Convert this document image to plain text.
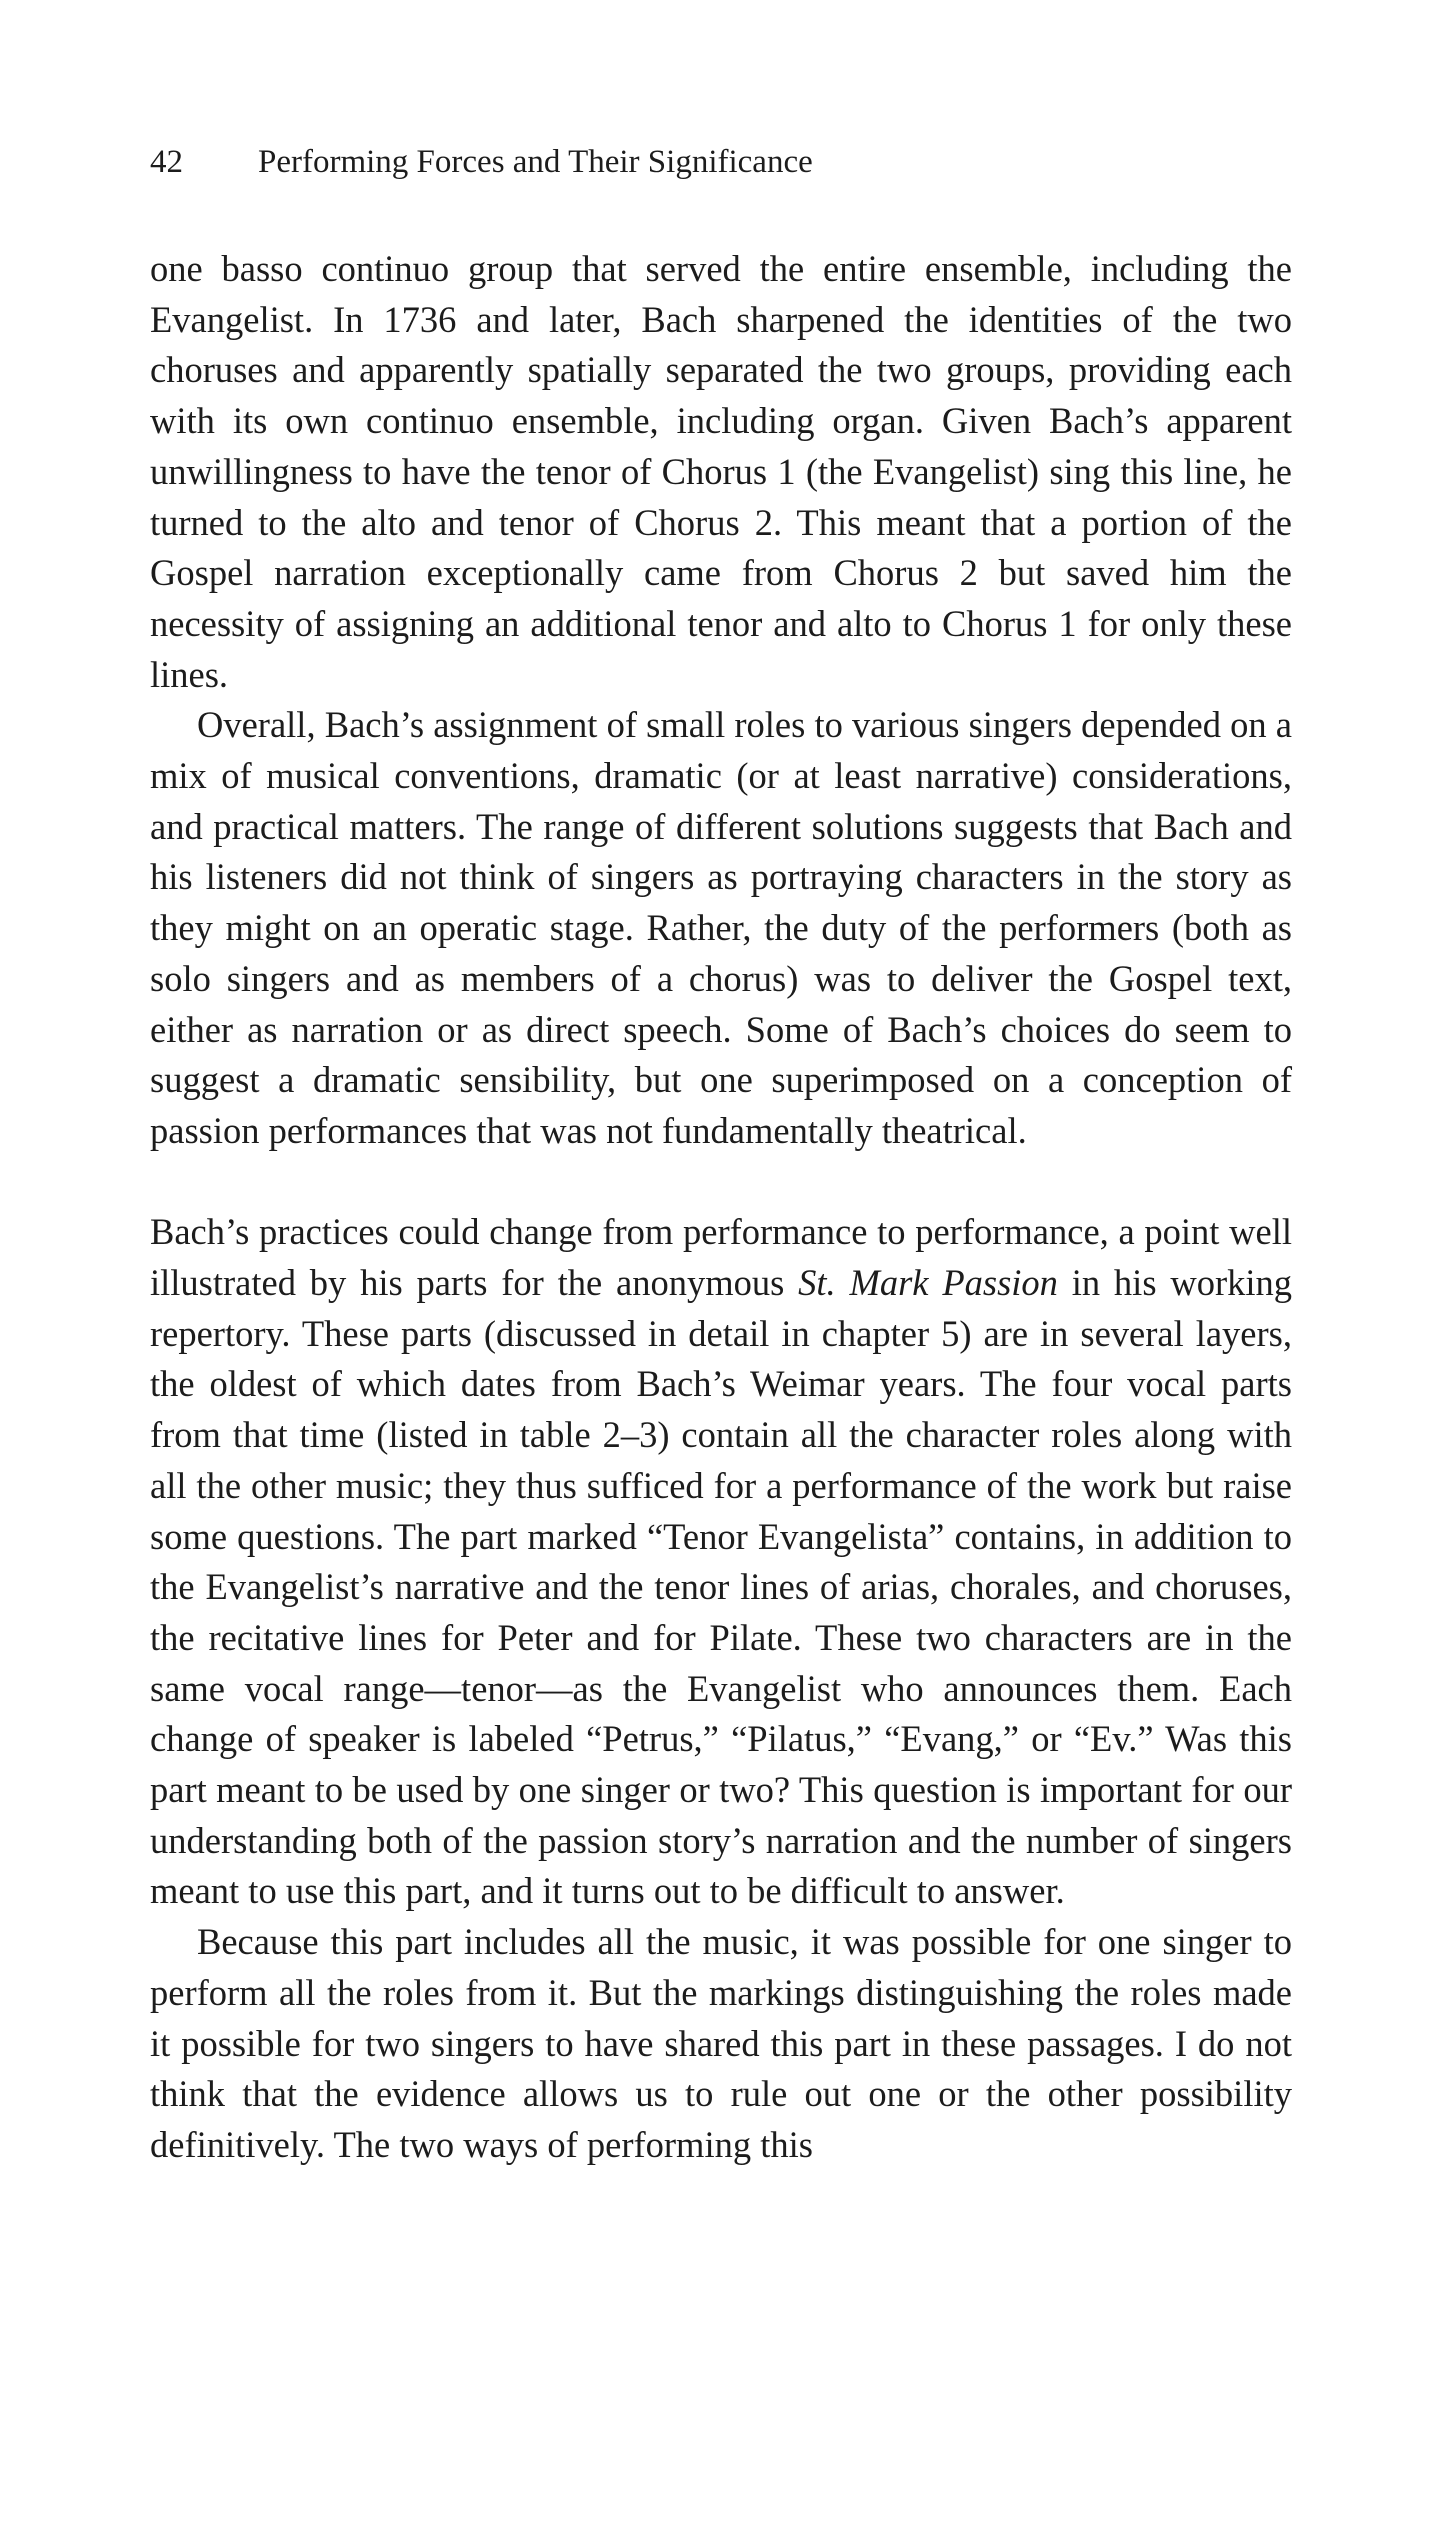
42 Performing Forces and Their Significance

one basso continuo group that served the entire ensemble, including the Evangelist. In 1736 and later, Bach sharpened the identities of the two choruses and apparently spatially separated the two groups, providing each with its own continuo ensemble, including organ. Given Bach’s apparent unwillingness to have the tenor of Chorus 1 (the Evangelist) sing this line, he turned to the alto and tenor of Chorus 2. This meant that a portion of the Gospel narration exceptionally came from Chorus 2 but saved him the necessity of assigning an additional tenor and alto to Chorus 1 for only these lines.

Overall, Bach’s assignment of small roles to various singers depended on a mix of musical conventions, dramatic (or at least narrative) considerations, and practical matters. The range of different solutions suggests that Bach and his listeners did not think of singers as portraying characters in the story as they might on an operatic stage. Rather, the duty of the performers (both as solo singers and as members of a chorus) was to deliver the Gospel text, either as narration or as direct speech. Some of Bach’s choices do seem to suggest a dramatic sensibility, but one superimposed on a conception of passion performances that was not fundamentally theatrical.

Bach’s practices could change from performance to performance, a point well illustrated by his parts for the anonymous St. Mark Passion in his working repertory. These parts (discussed in detail in chapter 5) are in several layers, the oldest of which dates from Bach’s Weimar years. The four vocal parts from that time (listed in table 2–3) contain all the character roles along with all the other music; they thus sufficed for a performance of the work but raise some questions. The part marked “Tenor Evangelista” contains, in addition to the Evangelist’s narrative and the tenor lines of arias, chorales, and choruses, the recitative lines for Peter and for Pilate. These two characters are in the same vocal range—tenor—as the Evangelist who announces them. Each change of speaker is labeled “Petrus,” “Pilatus,” “Evang,” or “Ev.” Was this part meant to be used by one singer or two? This question is important for our understanding both of the passion story’s narration and the number of singers meant to use this part, and it turns out to be difficult to answer.

Because this part includes all the music, it was possible for one singer to perform all the roles from it. But the markings distinguishing the roles made it possible for two singers to have shared this part in these passages. I do not think that the evidence allows us to rule out one or the other possibility definitively. The two ways of performing this
